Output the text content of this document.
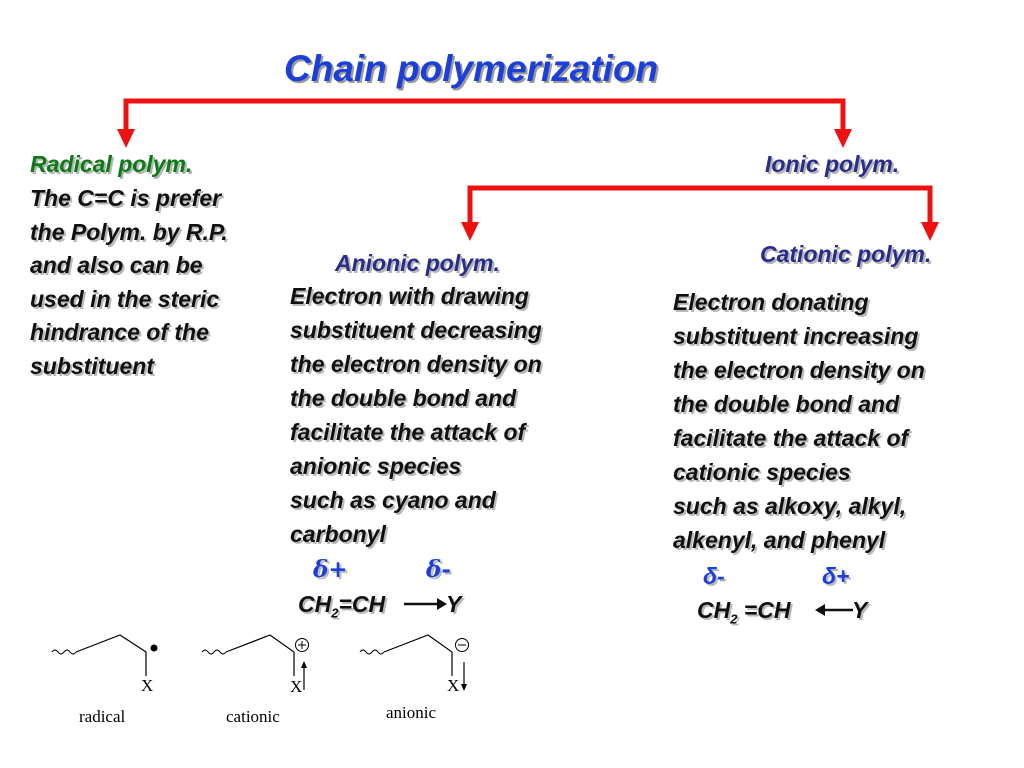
Chain polymerization
Radical polym.	Ionic polym.
Anionic polym.	Cationic polym.
The C=C is prefer
the Polym. by R.P.
and also can be
used in the steric
hindrance of the
substituent
Electron with drawing
substituent decreasing
the electron density on
the double bond and
facilitate the attack of
anionic species
such as cyano and
carbonyl
Electron donating
substituent increasing
the electron density on
the double bond and
facilitate the attack of
cationic species
such as alkoxy, alkyl,
alkenyl, and phenyl
δ+	δ-
$CH_2=CH$	Y
δ-	δ+
$CH_2 =CH$	Y
X
radical
X
cationic
X
anionic
